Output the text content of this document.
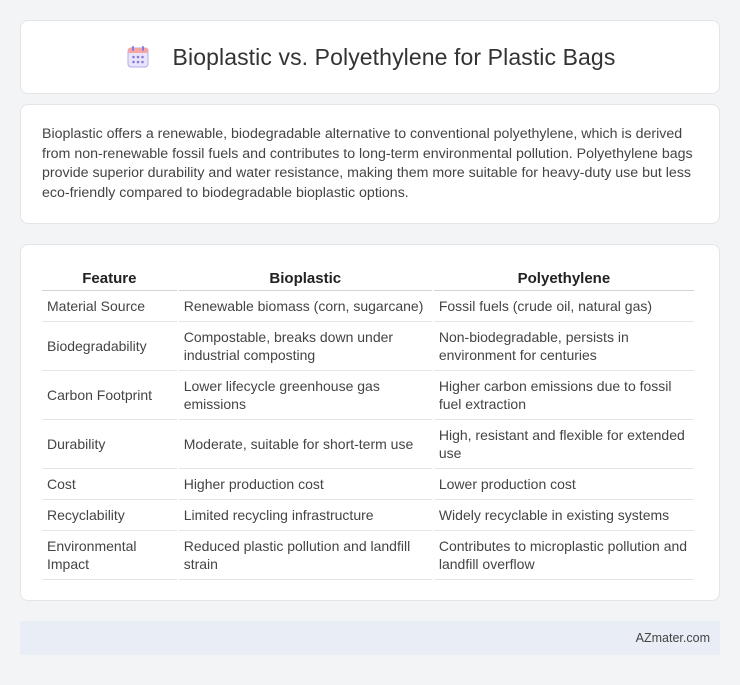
Bioplastic vs. Polyethylene for Plastic Bags

Bioplastic offers a renewable, biodegradable alternative to conventional polyethylene, which is derived from non-renewable fossil fuels and contributes to long-term environmental pollution. Polyethylene bags provide superior durability and water resistance, making them more suitable for heavy-duty use but less eco-friendly compared to biodegradable bioplastic options.

Feature	Bioplastic	Polyethylene
Material Source	Renewable biomass (corn, sugarcane)	Fossil fuels (crude oil, natural gas)
Biodegradability	Compostable, breaks down under industrial composting	Non-biodegradable, persists in environment for centuries
Carbon Footprint	Lower lifecycle greenhouse gas emissions	Higher carbon emissions due to fossil fuel extraction
Durability	Moderate, suitable for short-term use	High, resistant and flexible for extended use
Cost	Higher production cost	Lower production cost
Recyclability	Limited recycling infrastructure	Widely recyclable in existing systems
Environmental Impact	Reduced plastic pollution and landfill strain	Contributes to microplastic pollution and landfill overflow
AZmater.com
